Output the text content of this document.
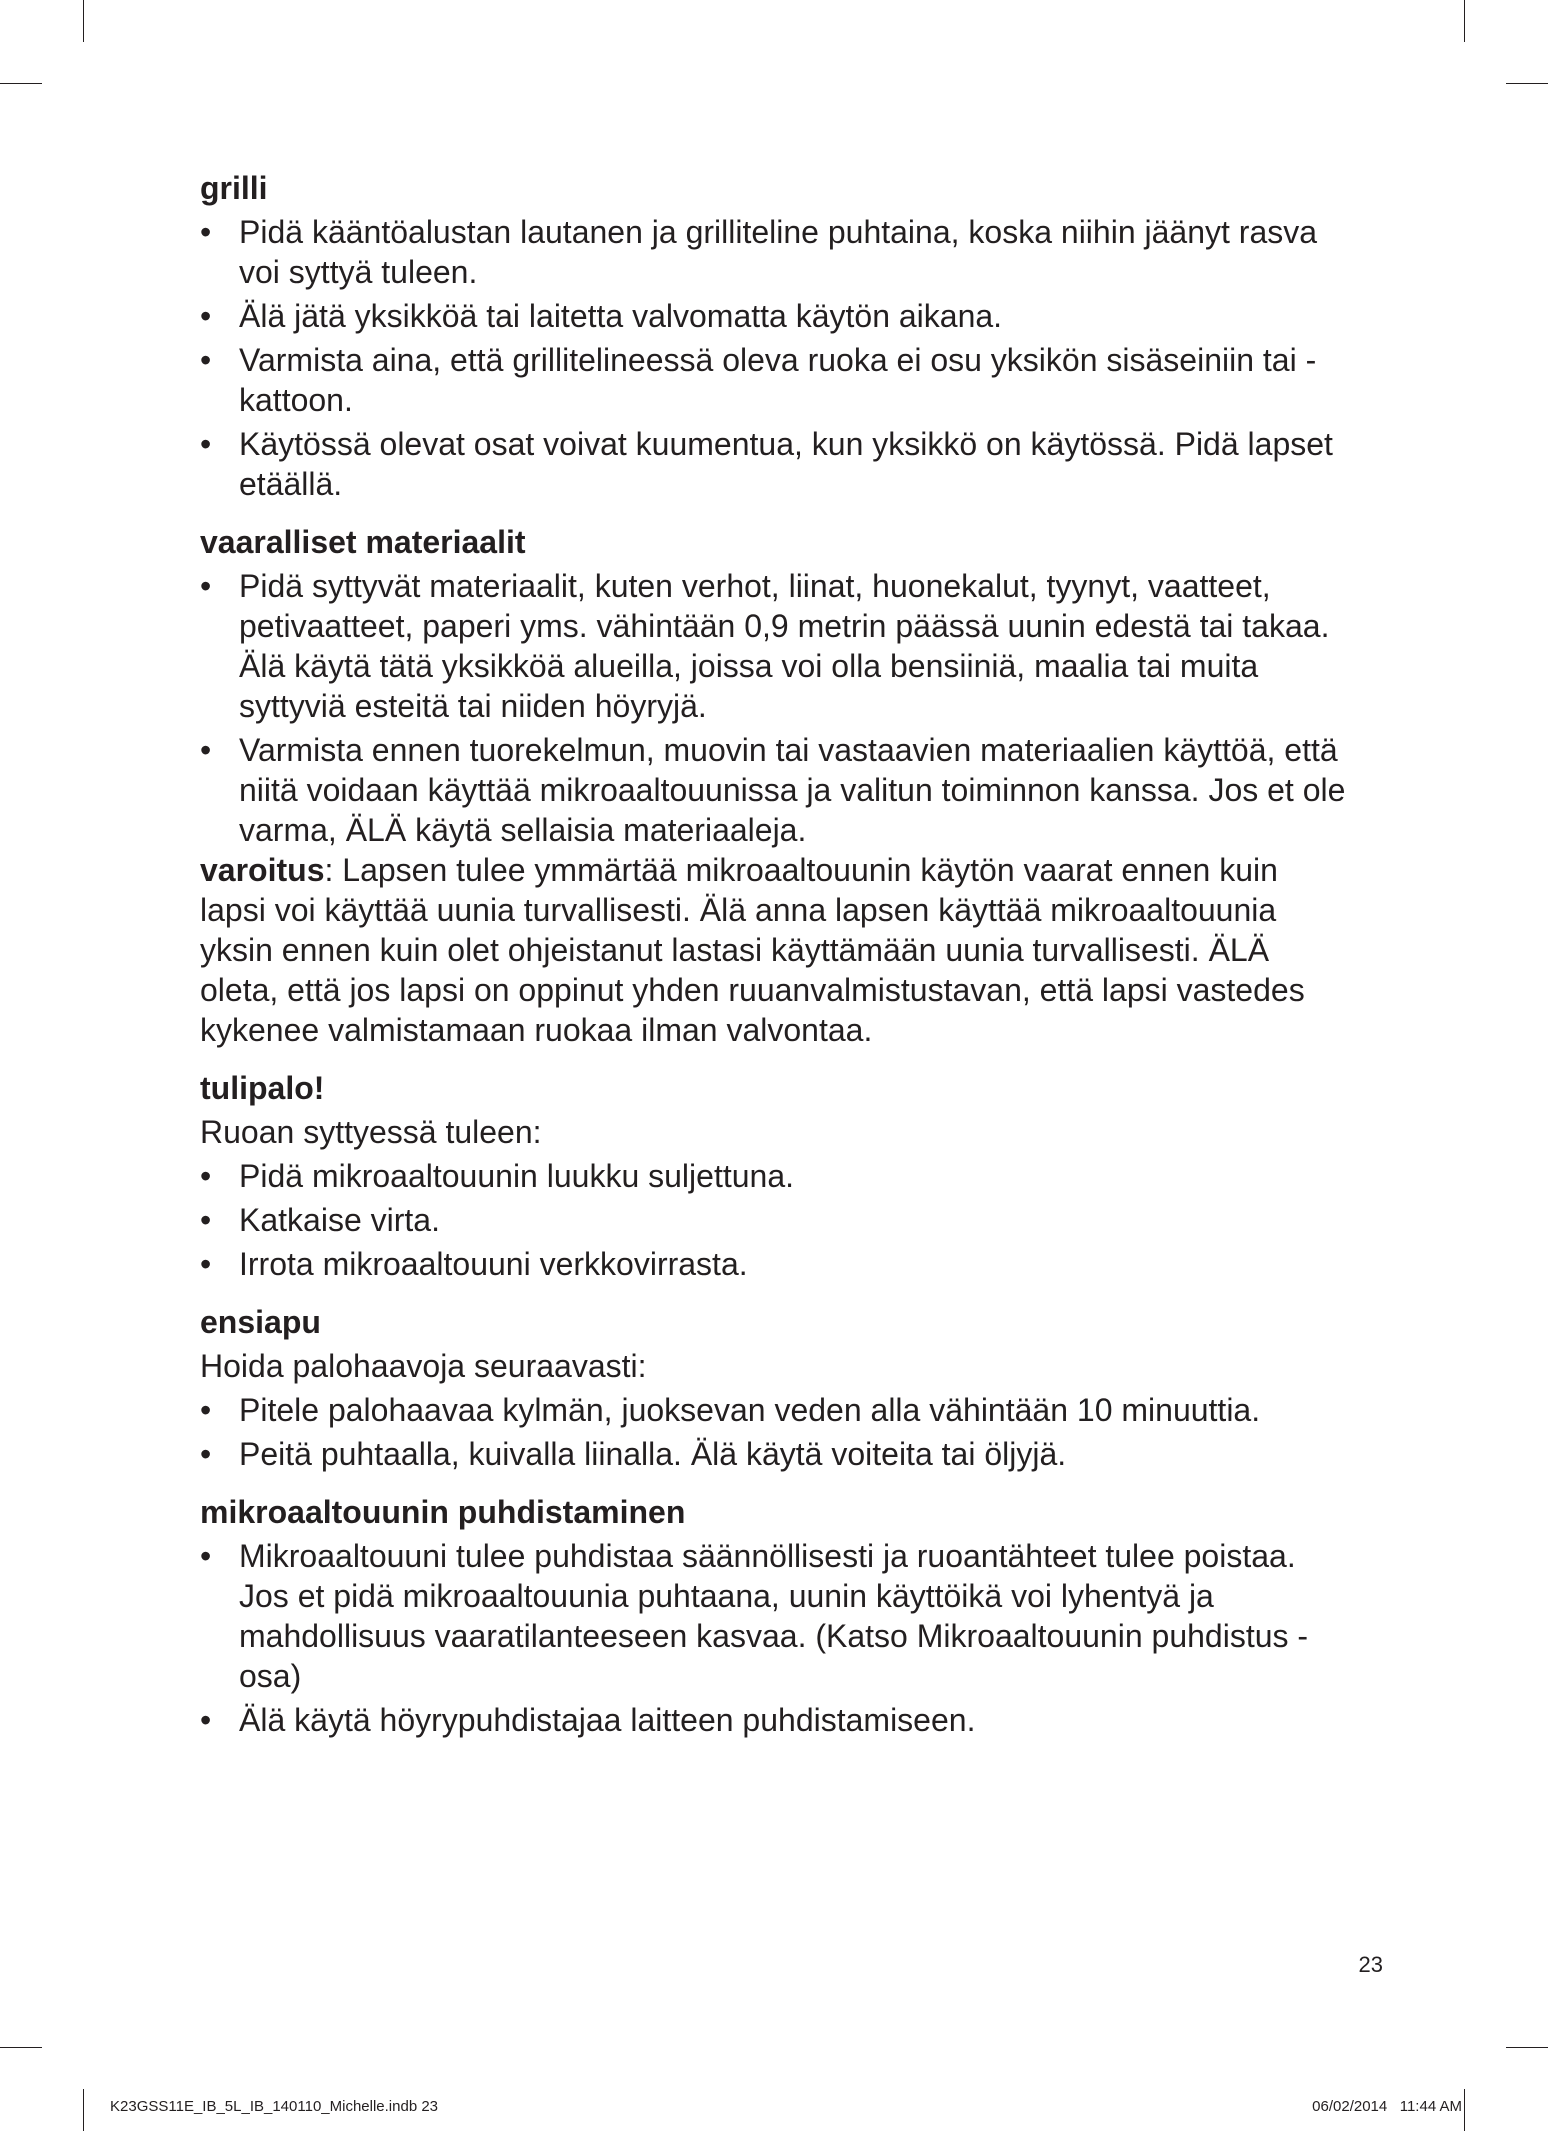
grilli

• Pidä kääntöalustan lautanen ja grilliteline puhtaina, koska niihin jäänyt rasva voi syttyä tuleen.
• Älä jätä yksikköä tai laitetta valvomatta käytön aikana.
• Varmista aina, että grillitelineessä oleva ruoka ei osu yksikön sisäseiniin tai -kattoon.
• Käytössä olevat osat voivat kuumentua, kun yksikkö on käytössä. Pidä lapset etäällä.

vaaralliset materiaalit

• Pidä syttyvät materiaalit, kuten verhot, liinat, huonekalut, tyynyt, vaatteet, petivaatteet, paperi yms. vähintään 0,9 metrin päässä uunin edestä tai takaa. Älä käytä tätä yksikköä alueilla, joissa voi olla bensiiniä, maalia tai muita syttyviä esteitä tai niiden höyryjä.
• Varmista ennen tuorekelmun, muovin tai vastaavien materiaalien käyttöä, että niitä voidaan käyttää mikroaaltouunissa ja valitun toiminnon kanssa. Jos et ole varma, ÄLÄ käytä sellaisia materiaaleja.

varoitus: Lapsen tulee ymmärtää mikroaaltouunin käytön vaarat ennen kuin lapsi voi käyttää uunia turvallisesti. Älä anna lapsen käyttää mikroaaltouunia yksin ennen kuin olet ohjeistanut lastasi käyttämään uunia turvallisesti. ÄLÄ oleta, että jos lapsi on oppinut yhden ruuanvalmistustavan, että lapsi vastedes kykenee valmistamaan ruokaa ilman valvontaa.

tulipalo!

Ruoan syttyessä tuleen:

• Pidä mikroaaltouunin luukku suljettuna.
• Katkaise virta.
• Irrota mikroaaltouuni verkkovirrasta.

ensiapu

Hoida palohaavoja seuraavasti:

• Pitele palohaavaa kylmän, juoksevan veden alla vähintään 10 minuuttia.
• Peitä puhtaalla, kuivalla liinalla. Älä käytä voiteita tai öljyjä.

mikroaaltouunin puhdistaminen

• Mikroaaltouuni tulee puhdistaa säännöllisesti ja ruoantähteet tulee poistaa. Jos et pidä mikroaaltouunia puhtaana, uunin käyttöikä voi lyhentyä ja mahdollisuus vaaratilanteeseen kasvaa. (Katso Mikroaaltouunin puhdistus -osa)
• Älä käytä höyrypuhdistajaa laitteen puhdistamiseen.
23
K23GSS11E_IB_5L_IB_140110_Michelle.indb 23	06/02/2014   11:44 AM
